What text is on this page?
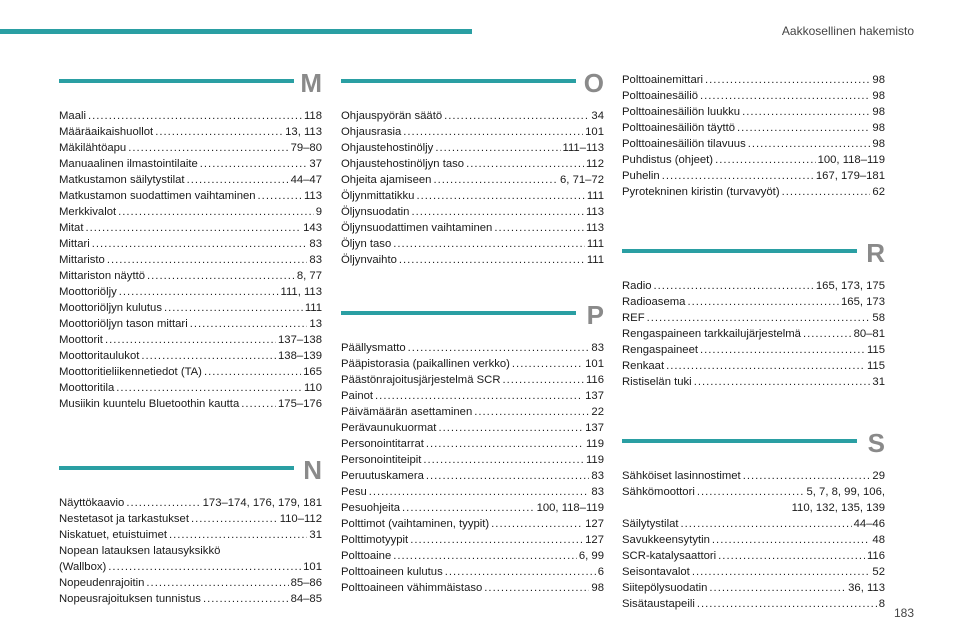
Aakkosellinen hakemisto
M
Maali .....	118
Määräaikaishuollot .....	13, 113
Mäkilähtöapu .....	79–80
Manuaalinen ilmastointilaite .....	37
Matkustamon säilytystilat .....	44–47
Matkustamon suodattimen vaihtaminen .....	113
Merkkivalot .....	9
Mitat .....	143
Mittari .....	83
Mittaristo .....	83
Mittariston näyttö .....	8, 77
Moottoriöljy .....	111, 113
Moottoriöljyn kulutus .....	111
Moottoriöljyn tason mittari .....	13
Moottorit .....	137–138
Moottoritaulukot .....	138–139
Moottoritieliikennetiedot (TA) .....	165
Moottoritila .....	110
Musiikin kuuntelu Bluetoothin kautta .....	175–176
N
Näyttökaavio .....	173–174, 176, 179, 181
Nestetasot ja tarkastukset .....	110–112
Niskatuet, etuistuimet .....	31
Nopean latauksen latausyksikkö
(Wallbox) .....	101
Nopeudenrajoitin .....	85–86
Nopeusrajoituksen tunnistus .....	84–85
O
Ohjauspyörän säätö .....	34
Ohjausrasia .....	101
Ohjaustehostinöljy .....	111–113
Ohjaustehostinöljyn taso .....	112
Ohjeita ajamiseen .....	6, 71–72
Öljynmittatikku .....	111
Öljynsuodatin .....	113
Öljynsuodattimen vaihtaminen .....	113
Öljyn taso .....	111
Öljynvaihto .....	111
P
Päällysmatto .....	83
Pääpistorasia (paikallinen verkko) .....	101
Päästönrajoitusjärjestelmä SCR .....	116
Painot .....	137
Päivämäärän asettaminen .....	22
Perävaunukuormat .....	137
Personointitarrat .....	119
Personointiteipit .....	119
Peruutuskamera .....	83
Pesu .....	83
Pesuohjeita .....	100, 118–119
Polttimot (vaihtaminen, tyypit) .....	127
Polttimotyypit .....	127
Polttoaine .....	6, 99
Polttoaineen kulutus .....	6
Polttoaineen vähimmäistaso .....	98
Polttoainemittari .....	98
Polttoainesäiliö .....	98
Polttoainesäiliön luukku .....	98
Polttoainesäiliön täyttö .....	98
Polttoainesäiliön tilavuus .....	98
Puhdistus (ohjeet) .....	100, 118–119
Puhelin .....	167, 179–181
Pyrotekninen kiristin (turvavyöt) .....	62
R
Radio .....	165, 173, 175
Radioasema .....	165, 173
REF .....	58
Rengaspaineen tarkkailujärjestelmä .....	80–81
Rengaspaineet .....	115
Renkaat .....	115
Ristiselän tuki .....	31
S
Sähköiset lasinnostimet .....	29
Sähkömoottori .....	5, 7, 8, 99, 106,
110, 132, 135, 139
Säilytystilat .....	44–46
Savukkeensytytin .....	48
SCR-katalysaattori .....	116
Seisontavalot .....	52
Siitepölysuodatin .....	36, 113
Sisätaustapeili .....	8
183
